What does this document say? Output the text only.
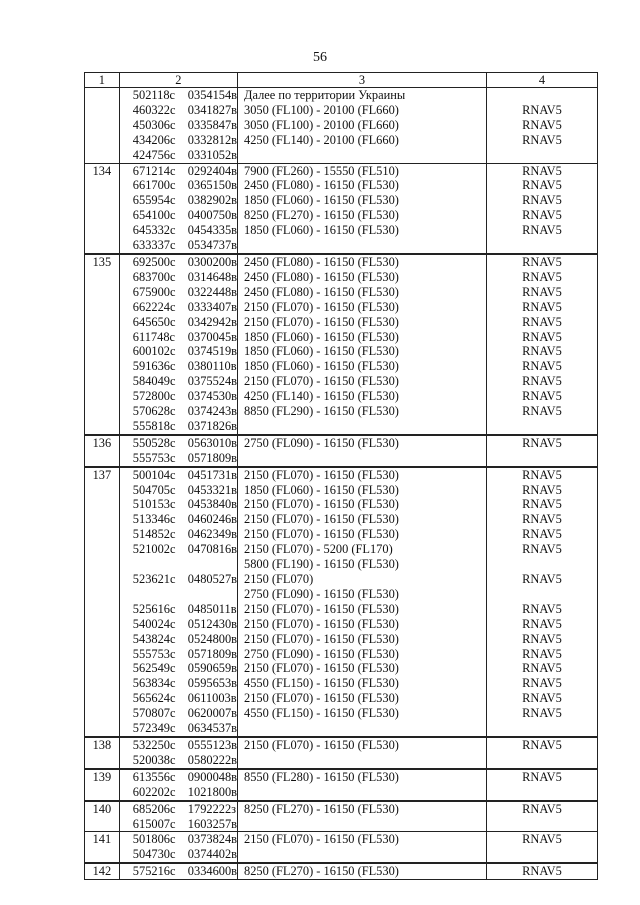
56
1	2	3	4
	502118с 0354154в	Далее по территории Украины	
	460322с 0341827в	3050 (FL100) - 20100 (FL660)	RNAV5
	450306с 0335847в	3050 (FL100) - 20100 (FL660)	RNAV5
	434206с 0332812в	4250 (FL140) - 20100 (FL660)	RNAV5
	424756с 0331052в		
134	671214с 0292404в	7900 (FL260) - 15550 (FL510)	RNAV5
	661700с 0365150в	2450 (FL080) - 16150 (FL530)	RNAV5
	655954с 0382902в	1850 (FL060) - 16150 (FL530)	RNAV5
	654100с 0400750в	8250 (FL270) - 16150 (FL530)	RNAV5
	645332с 0454335в	1850 (FL060) - 16150 (FL530)	RNAV5
	633337с 0534737в		
135	692500с 0300200в	2450 (FL080) - 16150 (FL530)	RNAV5
	683700с 0314648в	2450 (FL080) - 16150 (FL530)	RNAV5
	675900с 0322448в	2450 (FL080) - 16150 (FL530)	RNAV5
	662224с 0333407в	2150 (FL070) - 16150 (FL530)	RNAV5
	645650с 0342942в	2150 (FL070) - 16150 (FL530)	RNAV5
	611748с 0370045в	1850 (FL060) - 16150 (FL530)	RNAV5
	600102с 0374519в	1850 (FL060) - 16150 (FL530)	RNAV5
	591636с 0380110в	1850 (FL060) - 16150 (FL530)	RNAV5
	584049с 0375524в	2150 (FL070) - 16150 (FL530)	RNAV5
	572800с 0374530в	4250 (FL140) - 16150 (FL530)	RNAV5
	570628с 0374243в	8850 (FL290) - 16150 (FL530)	RNAV5
	555818с 0371826в		
136	550528с 0563010в	2750 (FL090) - 16150 (FL530)	RNAV5
	555753с 0571809в		
137	500104с 0451731в	2150 (FL070) - 16150 (FL530)	RNAV5
	504705с 0453321в	1850 (FL060) - 16150 (FL530)	RNAV5
	510153с 0453840в	2150 (FL070) - 16150 (FL530)	RNAV5
	513346с 0460246в	2150 (FL070) - 16150 (FL530)	RNAV5
	514852с 0462349в	2150 (FL070) - 16150 (FL530)	RNAV5
	521002с 0470816в	2150 (FL070) - 5200 (FL170)	RNAV5
		5800 (FL190) - 16150 (FL530)	
	523621с 0480527в	2150 (FL070)	RNAV5
		2750 (FL090) - 16150 (FL530)	
	525616с 0485011в	2150 (FL070) - 16150 (FL530)	RNAV5
	540024с 0512430в	2150 (FL070) - 16150 (FL530)	RNAV5
	543824с 0524800в	2150 (FL070) - 16150 (FL530)	RNAV5
	555753с 0571809в	2750 (FL090) - 16150 (FL530)	RNAV5
	562549с 0590659в	2150 (FL070) - 16150 (FL530)	RNAV5
	563834с 0595653в	4550 (FL150) - 16150 (FL530)	RNAV5
	565624с 0611003в	2150 (FL070) - 16150 (FL530)	RNAV5
	570807с 0620007в	4550 (FL150) - 16150 (FL530)	RNAV5
	572349с 0634537в		
138	532250с 0555123в	2150 (FL070) - 16150 (FL530)	RNAV5
	520038с 0580222в		
139	613556с 0900048в	8550 (FL280) - 16150 (FL530)	RNAV5
	602202с 1021800в		
140	685206с 1792222з	8250 (FL270) - 16150 (FL530)	RNAV5
	615007с 1603257в		
141	501806с 0373824в	2150 (FL070) - 16150 (FL530)	RNAV5
	504730с 0374402в		
142	575216с 0334600в	8250 (FL270) - 16150 (FL530)	RNAV5
